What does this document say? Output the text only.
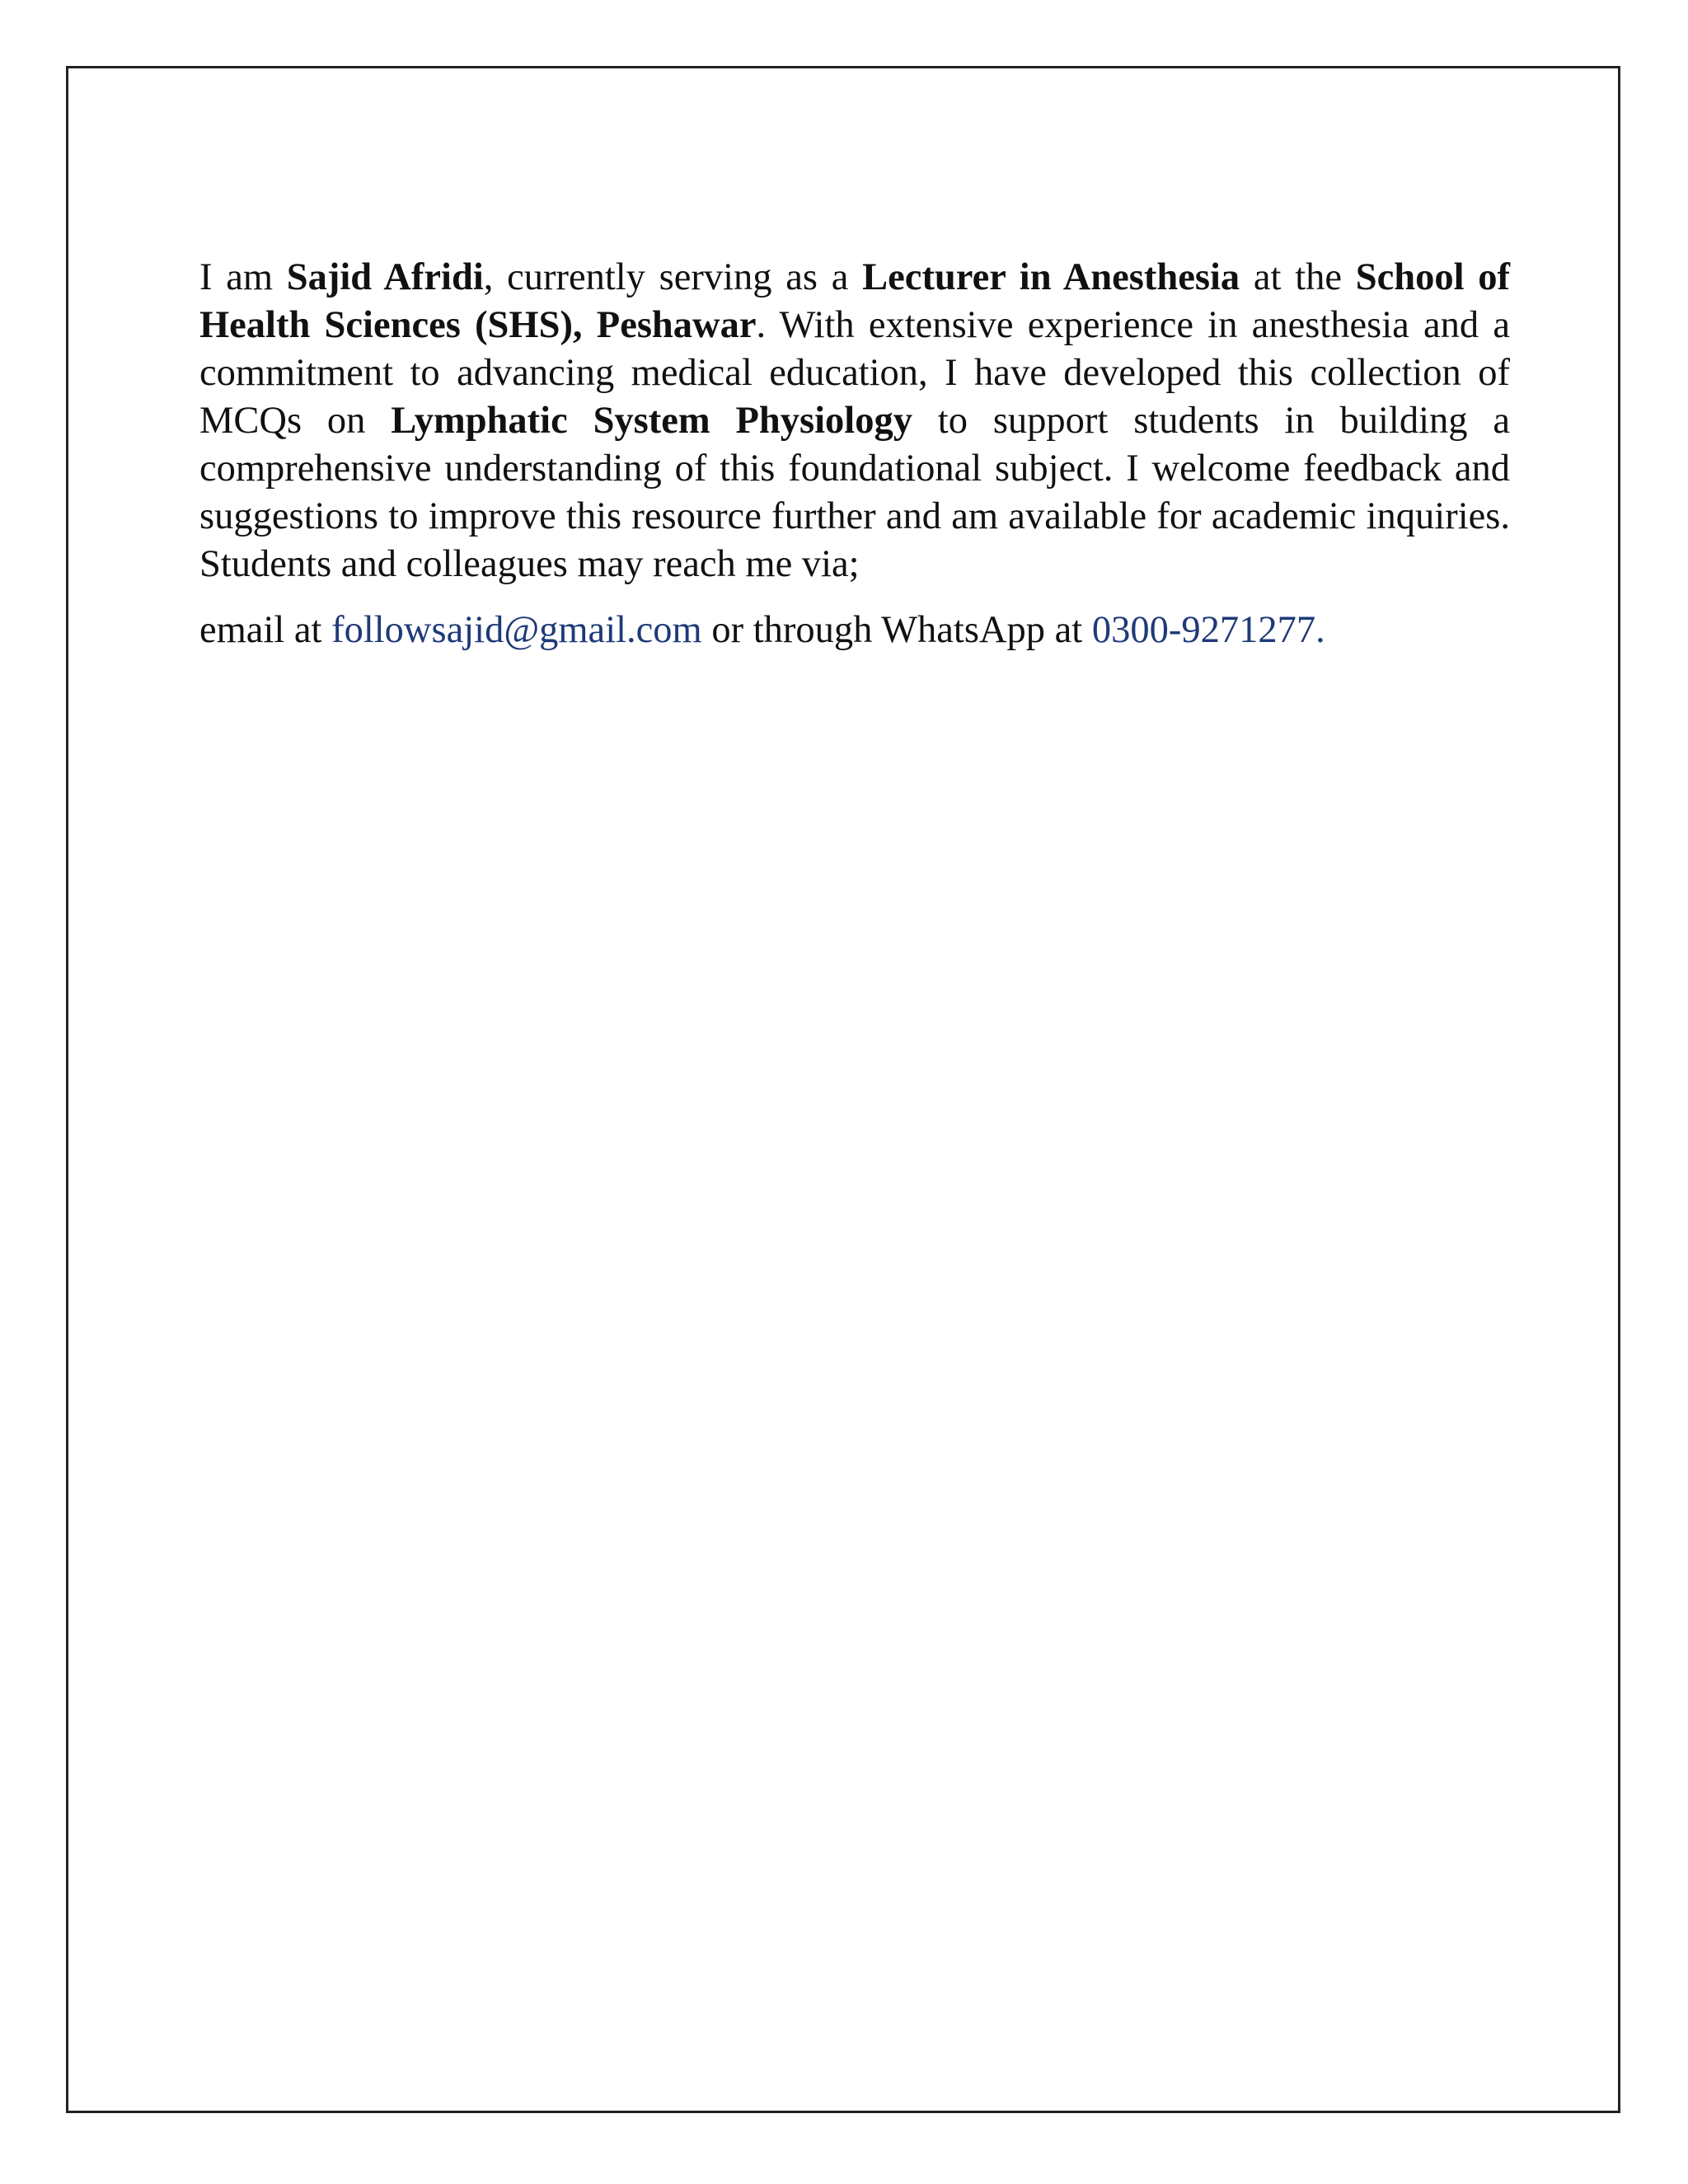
I am Sajid Afridi, currently serving as a Lecturer in Anesthesia at the School of Health Sciences (SHS), Peshawar. With extensive experience in anesthesia and a commitment to advancing medical education, I have developed this collection of MCQs on Lymphatic System Physiology to support students in building a comprehensive understanding of this foundational subject. I welcome feedback and suggestions to improve this resource further and am available for academic inquiries. Students and colleagues may reach me via;

email at followsajid@gmail.com or through WhatsApp at 0300-9271277.
